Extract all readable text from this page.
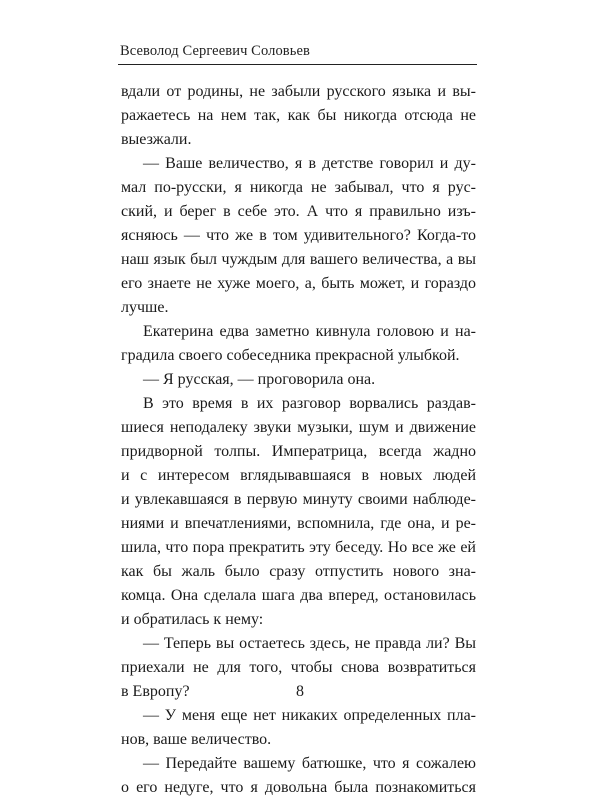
Всеволод Сергеевич Соловьев
вдали от родины, не забыли русского языка и вы-
ражаетесь на нем так, как бы никогда отсюда не
выезжали.
— Ваше величество, я в детстве говорил и ду-
мал по-русски, я никогда не забывал, что я рус-
ский, и берег в себе это. А что я правильно изъ-
ясняюсь — что же в том удивительного? Когда-то
наш язык был чуждым для вашего величества, а вы
его знаете не хуже моего, а, быть может, и гораздо
лучше.
Екатерина едва заметно кивнула головою и на-
градила своего собеседника прекрасной улыбкой.
— Я русская, — проговорила она.
В это время в их разговор ворвались раздав-
шиеся неподалеку звуки музыки, шум и движение
придворной толпы. Императрица, всегда жадно
и с интересом вглядывавшаяся в новых людей
и увлекавшаяся в первую минуту своими наблюде-
ниями и впечатлениями, вспомнила, где она, и ре-
шила, что пора прекратить эту беседу. Но все же ей
как бы жаль было сразу отпустить нового зна-
комца. Она сделала шага два вперед, остановилась
и обратилась к нему:
— Теперь вы остаетесь здесь, не правда ли? Вы
приехали не для того, чтобы снова возвратиться
в Европу?
— У меня еще нет никаких определенных пла-
нов, ваше величество.
— Передайте вашему батюшке, что я сожалею
о его недуге, что я довольна была познакомиться
8
